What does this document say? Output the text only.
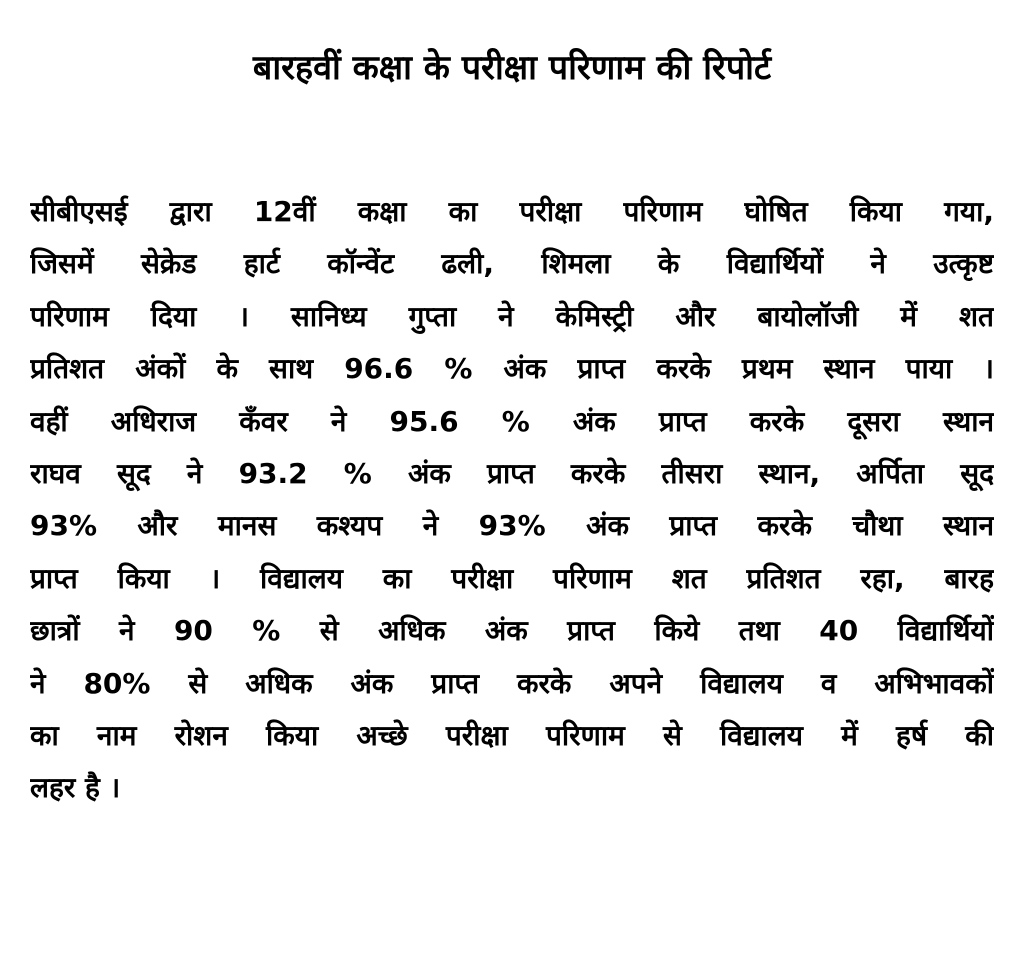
बारहवीं कक्षा के परीक्षा परिणाम की रिपोर्ट
सीबीएसई द्वारा 12वीं कक्षा का परीक्षा परिणाम घोषित किया गया,
जिसमें सेक्रेड हार्ट कॉन्वेंट ढली, शिमला के विद्यार्थियों ने उत्कृष्ट
परिणाम दिया । सानिध्य गुप्ता ने केमिस्ट्री और बायोलॉजी में शत
प्रतिशत अंकों के साथ 96.6 % अंक प्राप्त करके प्रथम स्थान पाया ।
वहीं अधिराज कँवर ने 95.6 % अंक प्राप्त करके दूसरा स्थान
राघव सूद ने 93.2 % अंक प्राप्त करके तीसरा स्थान, अर्पिता सूद
93% और मानस कश्यप ने 93% अंक प्राप्त करके चौथा स्थान
प्राप्त किया । विद्यालय का परीक्षा परिणाम शत प्रतिशत रहा, बारह
छात्रों ने 90 % से अधिक अंक प्राप्त किये तथा 40 विद्यार्थियों
ने 80% से अधिक अंक प्राप्त करके अपने विद्यालय व अभिभावकों
का नाम रोशन किया अच्छे परीक्षा परिणाम से विद्यालय में हर्ष की
लहर है ।
